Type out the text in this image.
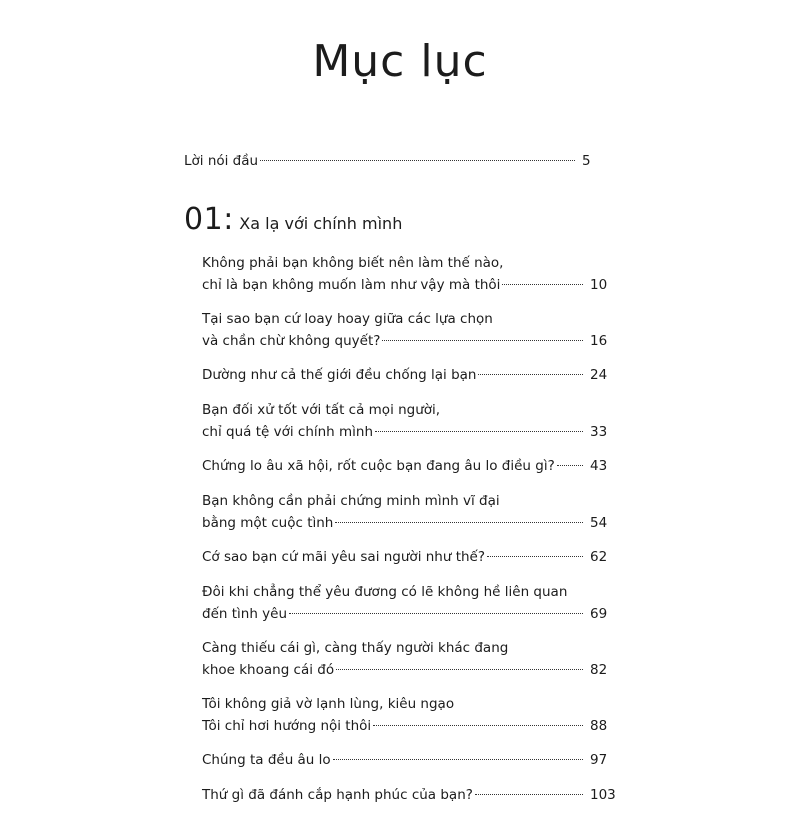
Mục lục
Lời nói đầu	5
01 : Xa lạ với chính mình
Không phải bạn không biết nên làm thế nào,
chỉ là bạn không muốn làm như vậy mà thôi	10
Tại sao bạn cứ loay hoay giữa các lựa chọn
và chần chừ không quyết?	16
Dường như cả thế giới đều chống lại bạn	24
Bạn đối xử tốt với tất cả mọi người,
chỉ quá tệ với chính mình	33
Chứng lo âu xã hội, rốt cuộc bạn đang âu lo điều gì?	43
Bạn không cần phải chứng minh mình vĩ đại
bằng một cuộc tình	54
Cớ sao bạn cứ mãi yêu sai người như thế?	62
Đôi khi chẳng thể yêu đương có lẽ không hề liên quan
đến tình yêu	69
Càng thiếu cái gì, càng thấy người khác đang
khoe khoang cái đó	82
Tôi không giả vờ lạnh lùng, kiêu ngạo
Tôi chỉ hơi hướng nội thôi	88
Chúng ta đều âu lo	97
Thứ gì đã đánh cắp hạnh phúc của bạn?	103
